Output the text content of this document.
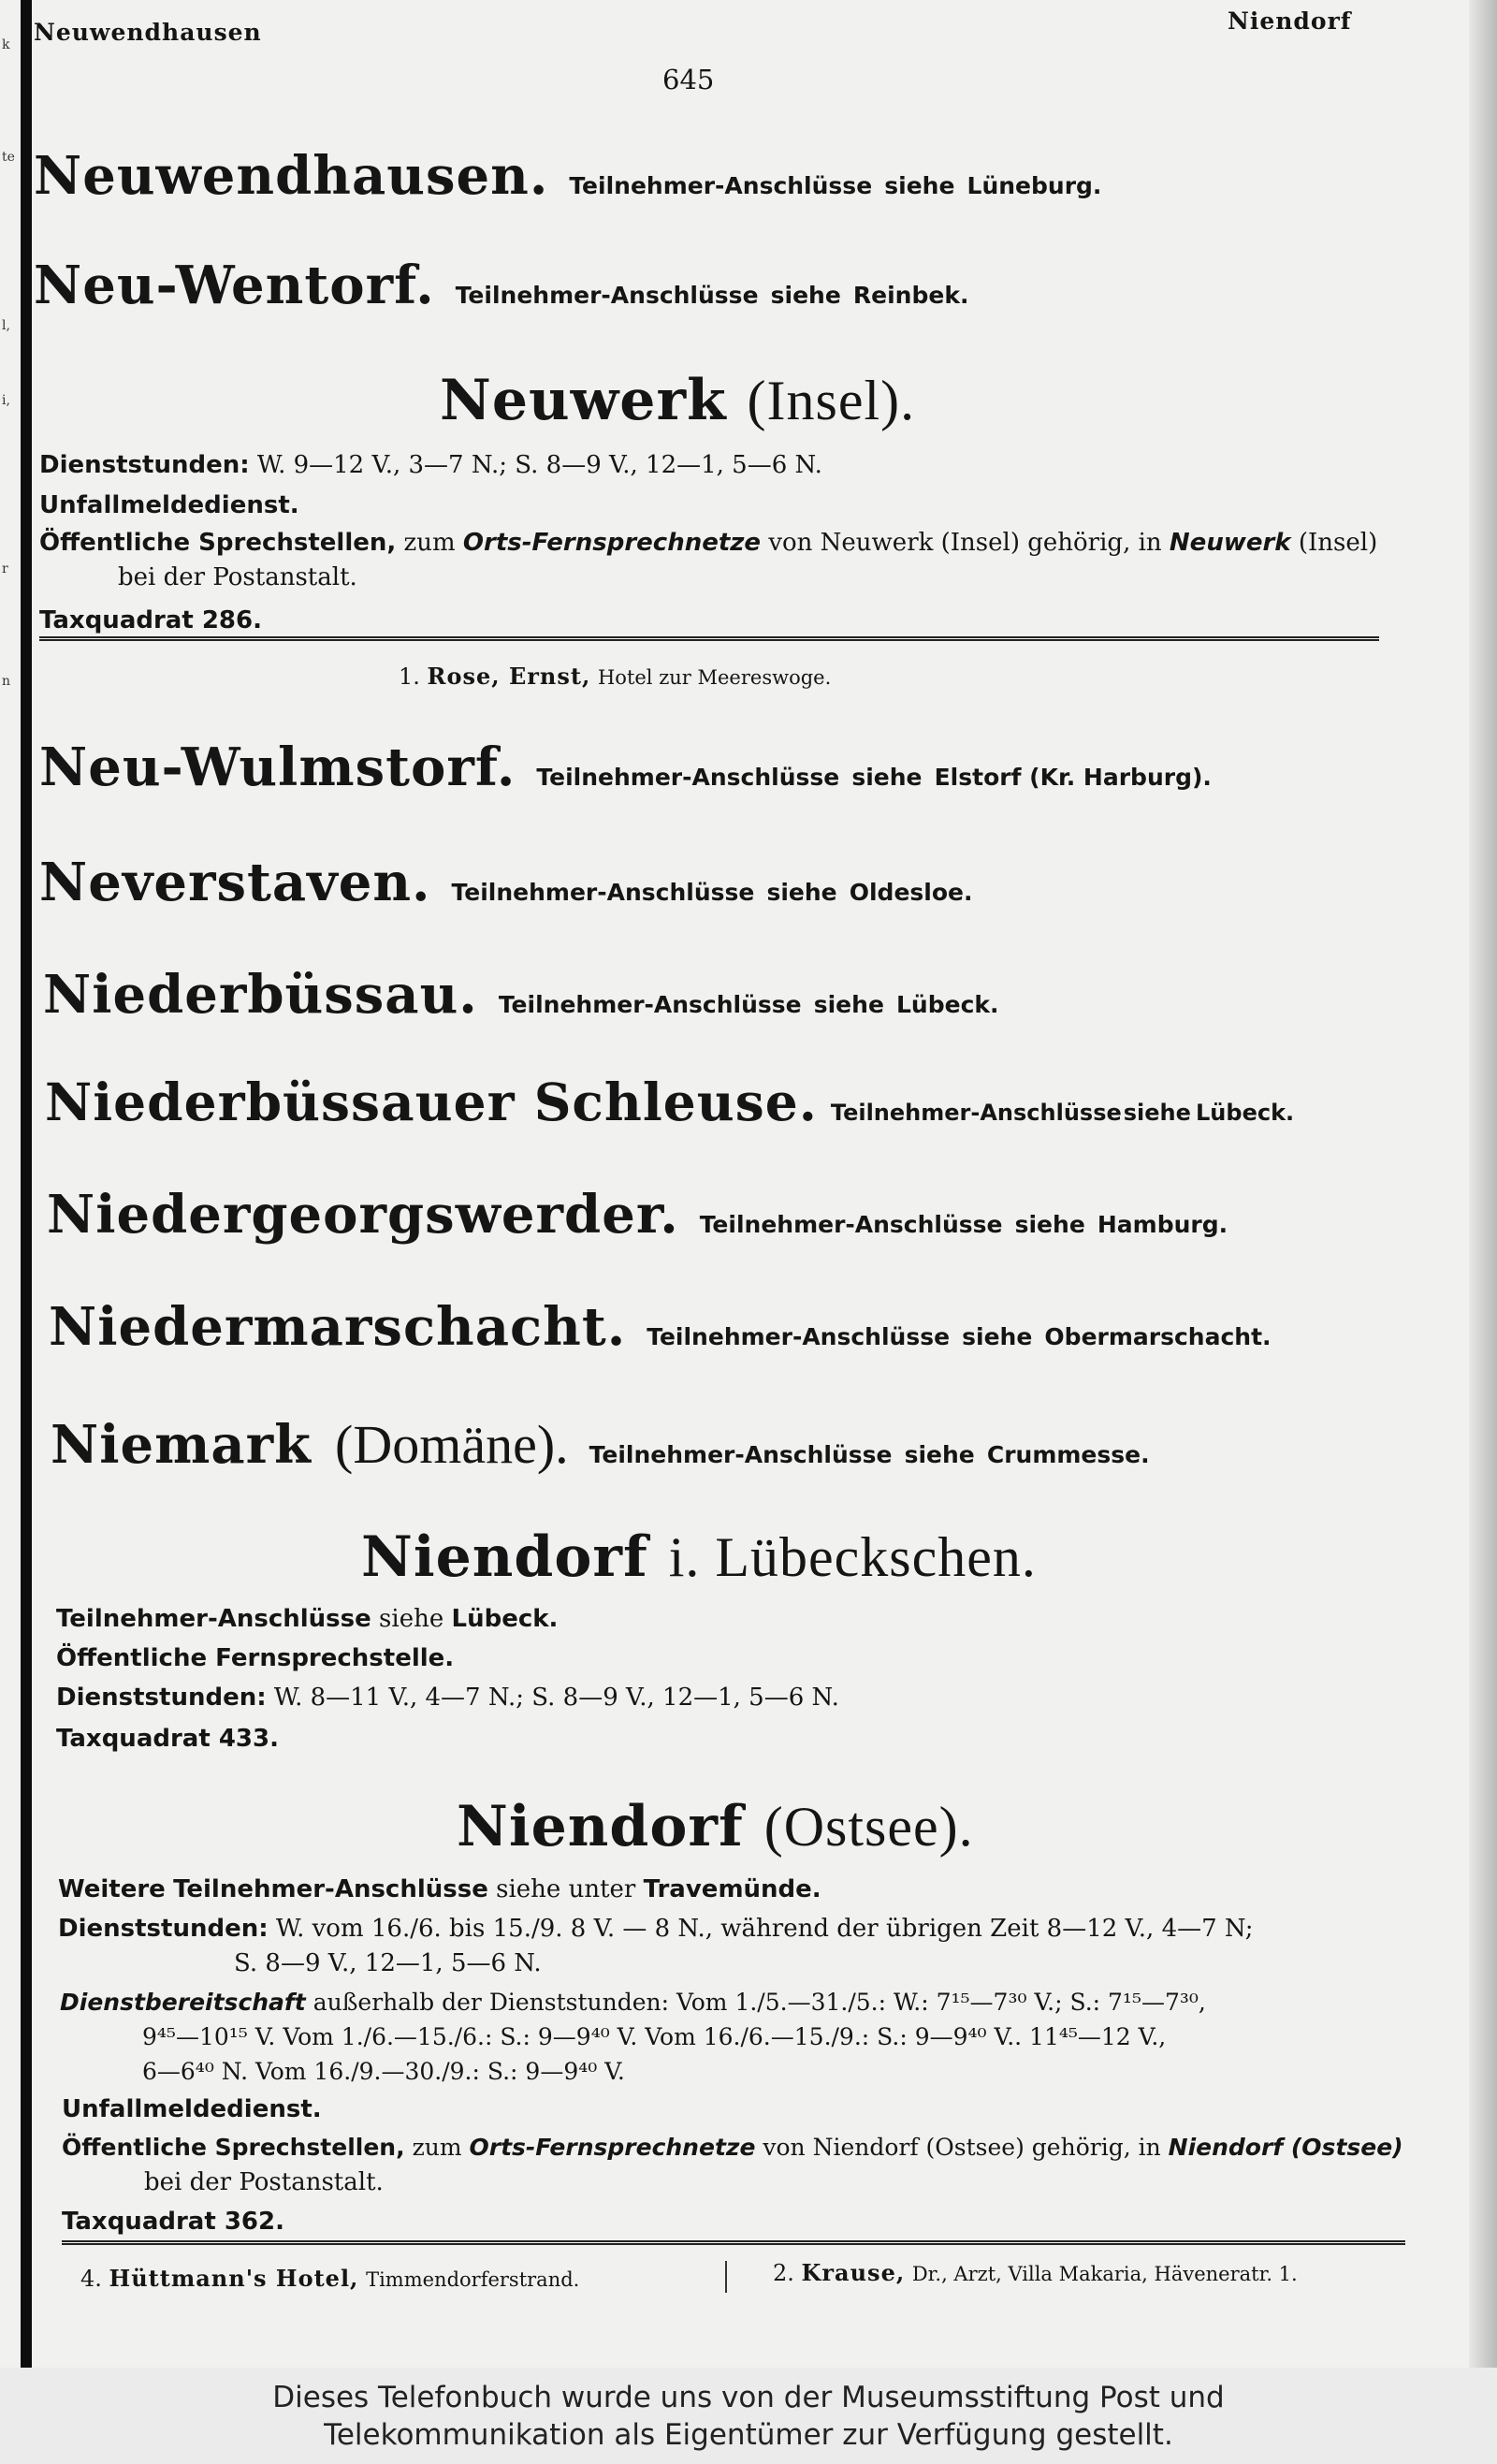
k
te
l,
i,
r
n
Neuwendhausen	Niendorf
645
Neuwendhausen. Teilnehmer-Anschlüsse siehe Lüneburg.
Neu-Wentorf. Teilnehmer-Anschlüsse siehe Reinbek.
Neuwerk (Insel).
Dienststunden: W. 9—12 V., 3—7 N.; S. 8—9 V., 12—1, 5—6 N.
Unfallmeldedienst.
Öffentliche Sprechstellen, zum Orts-Fernsprechnetze von Neuwerk (Insel) gehörig, in Neuwerk (Insel)
bei der Postanstalt.
Taxquadrat 286.
1. Rose, Ernst, Hotel zur Meereswoge.
Neu-Wulmstorf. Teilnehmer-Anschlüsse siehe Elstorf (Kr. Harburg).
Neverstaven. Teilnehmer-Anschlüsse siehe Oldesloe.
Niederbüssau. Teilnehmer-Anschlüsse siehe Lübeck.
Niederbüssauer Schleuse. Teilnehmer-Anschlüssesiehe Lübeck.
Niedergeorgswerder. Teilnehmer-Anschlüsse siehe Hamburg.
Niedermarschacht. Teilnehmer-Anschlüsse siehe Obermarschacht.
Niemark (Domäne). Teilnehmer-Anschlüsse siehe Crummesse.
Niendorf i. Lübeckschen.
Teilnehmer-Anschlüsse siehe Lübeck.
Öffentliche Fernsprechstelle.
Dienststunden: W. 8—11 V., 4—7 N.; S. 8—9 V., 12—1, 5—6 N.
Taxquadrat 433.
Niendorf (Ostsee).
Weitere Teilnehmer-Anschlüsse siehe unter Travemünde.
Dienststunden: W. vom 16./6. bis 15./9. 8 V. — 8 N., während der übrigen Zeit 8—12 V., 4—7 N;
S. 8—9 V., 12—1, 5—6 N.
Dienstbereitschaft außerhalb der Dienststunden: Vom 1./5.—31./5.: W.: 7¹⁵—7³⁰ V.; S.: 7¹⁵—7³⁰,
9⁴⁵—10¹⁵ V. Vom 1./6.—15./6.: S.: 9—9⁴⁰ V. Vom 16./6.—15./9.: S.: 9—9⁴⁰ V.. 11⁴⁵—12 V.,
6—6⁴⁰ N. Vom 16./9.—30./9.: S.: 9—9⁴⁰ V.
Unfallmeldedienst.
Öffentliche Sprechstellen, zum Orts-Fernsprechnetze von Niendorf (Ostsee) gehörig, in Niendorf (Ostsee)
bei der Postanstalt.
Taxquadrat 362.
4. Hüttmann's Hotel, Timmendorferstrand.	2. Krause, Dr., Arzt, Villa Makaria, Häveneratr. 1.
Dieses Telefonbuch wurde uns von der Museumsstiftung Post und
Telekommunikation als Eigentümer zur Verfügung gestellt.
